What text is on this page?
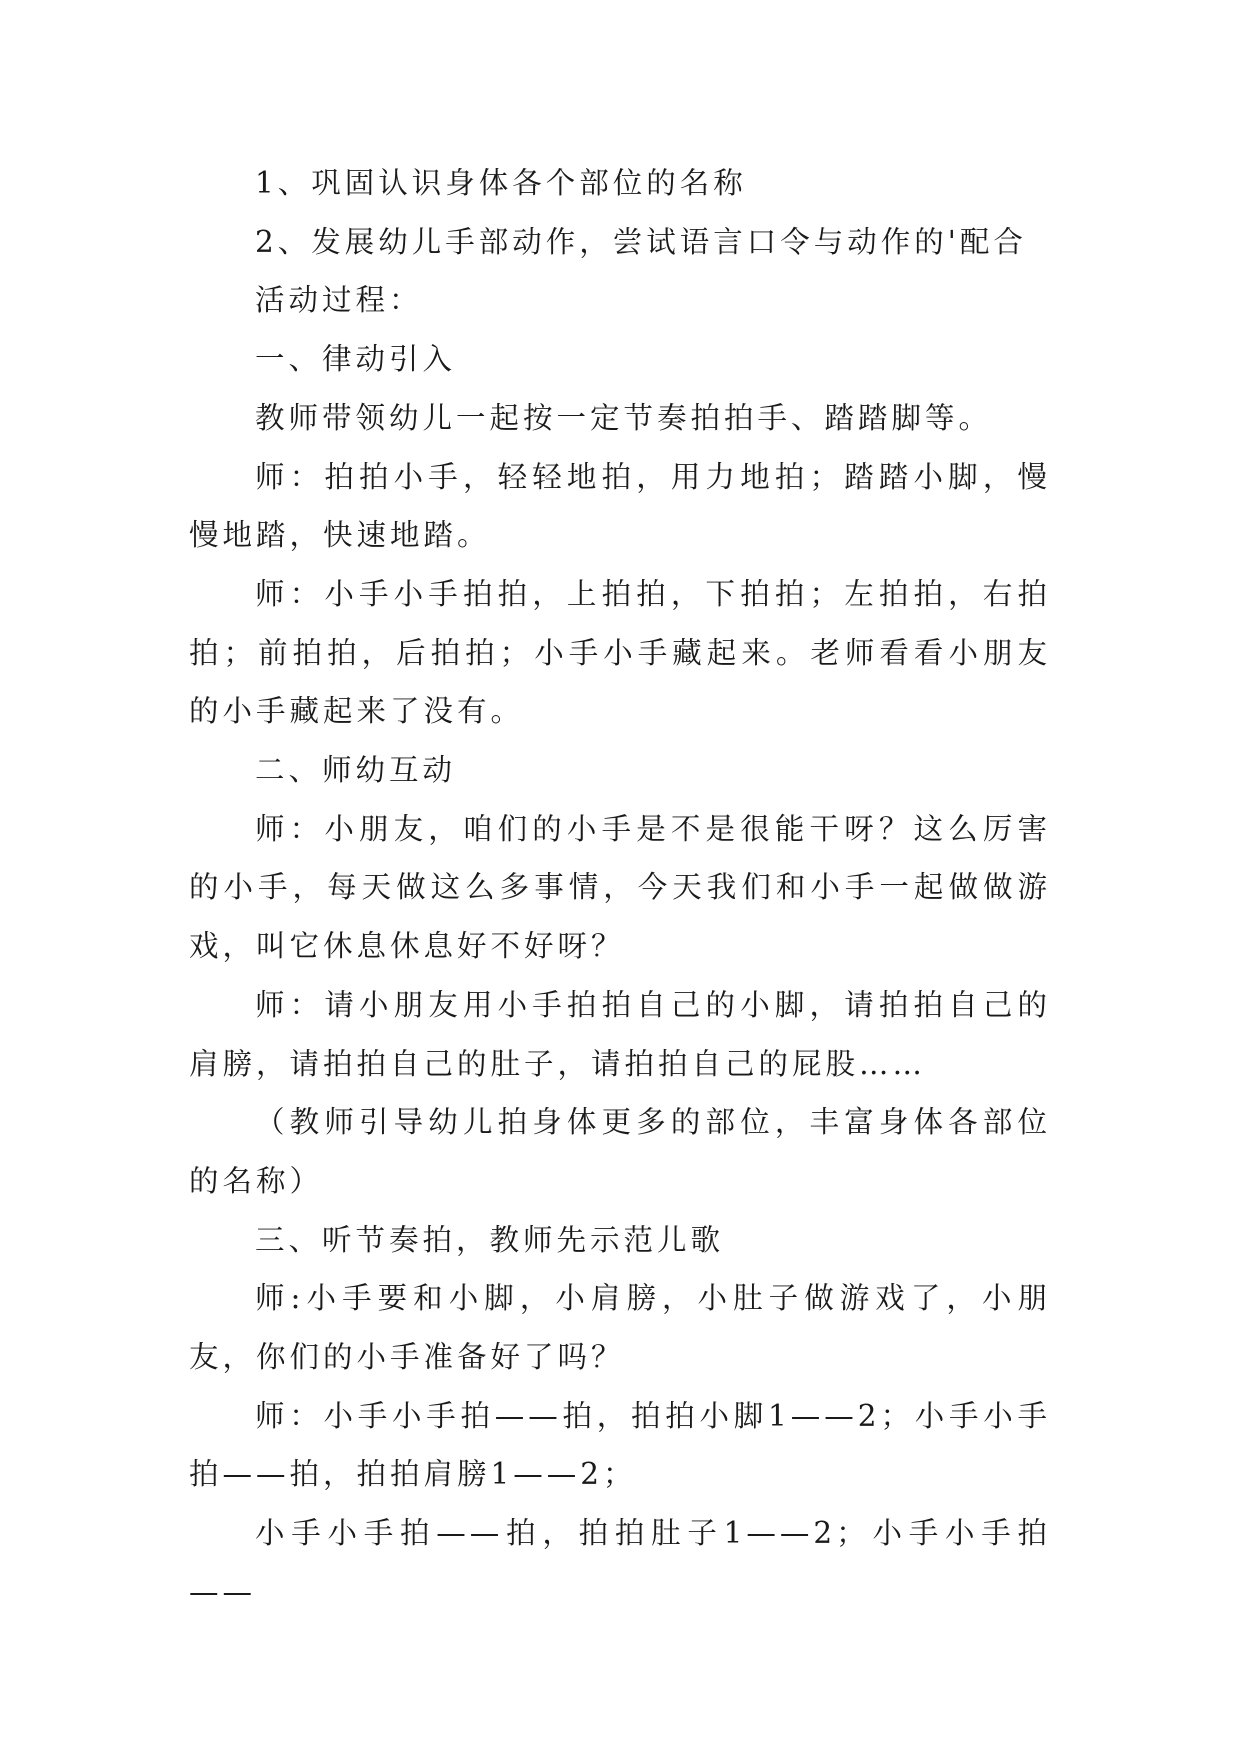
1、巩固认识身体各个部位的名称

2、发展幼儿手部动作，尝试语言口令与动作的'配合

活动过程：

一、律动引入

教师带领幼儿一起按一定节奏拍拍手、踏踏脚等。

师：拍拍小手，轻轻地拍，用力地拍；踏踏小脚，慢慢地踏，快速地踏。

师：小手小手拍拍，上拍拍，下拍拍；左拍拍，右拍拍；前拍拍，后拍拍；小手小手藏起来。老师看看小朋友的小手藏起来了没有。

二、师幼互动

师：小朋友，咱们的小手是不是很能干呀？这么厉害的小手，每天做这么多事情，今天我们和小手一起做做游戏，叫它休息休息好不好呀？

师：请小朋友用小手拍拍自己的小脚，请拍拍自己的肩膀，请拍拍自己的肚子，请拍拍自己的屁股……

（教师引导幼儿拍身体更多的部位，丰富身体各部位的名称）

三、听节奏拍，教师先示范儿歌

师:小手要和小脚，小肩膀，小肚子做游戏了，小朋友，你们的小手准备好了吗？

师：小手小手拍——拍，拍拍小脚1——2；小手小手拍——拍，拍拍肩膀1——2；

小手小手拍——拍，拍拍肚子1——2；小手小手拍——
